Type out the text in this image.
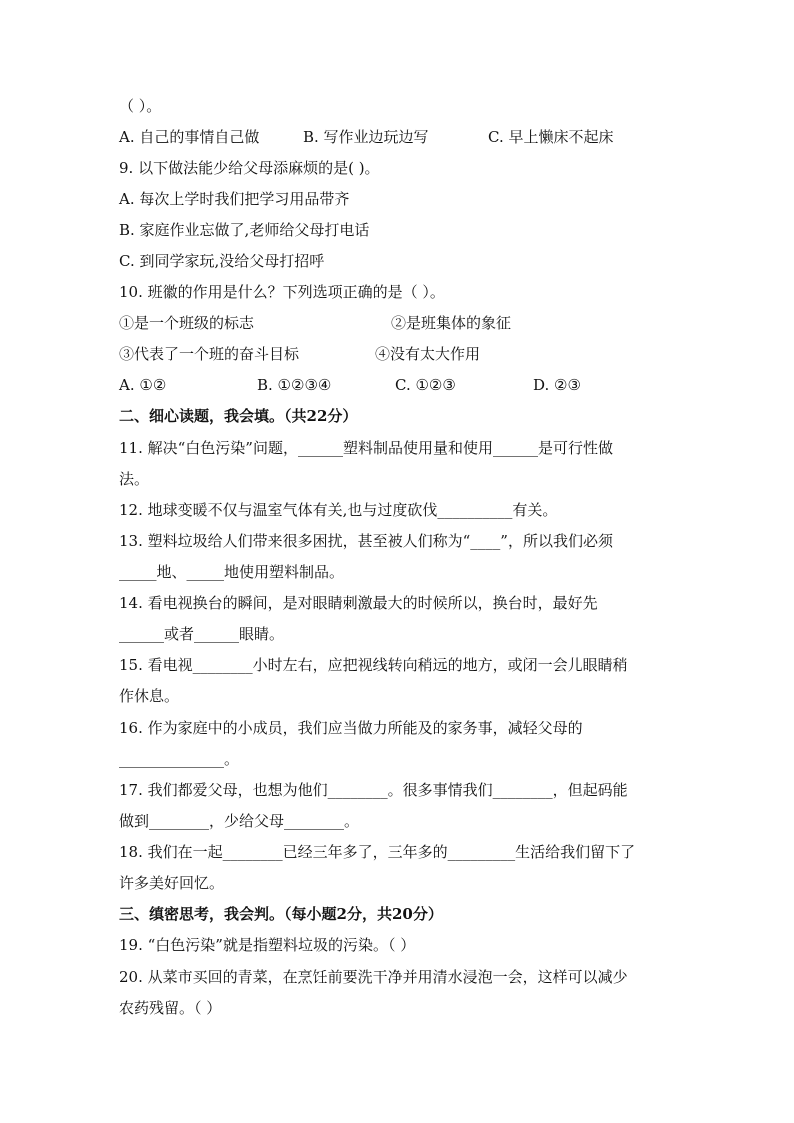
（ ）。
A. 自己的事情自己做	B. 写作业边玩边写	C. 早上懒床不起床
9. 以下做法能少给父母添麻烦的是( )。
A. 每次上学时我们把学习用品带齐
B. 家庭作业忘做了,老师给父母打电话
C. 到同学家玩,没给父母打招呼
10. 班徽的作用是什么？下列选项正确的是（ ）。
①是一个班级的标志	②是班集体的象征
③代表了一个班的奋斗目标	④没有太大作用
A. ①②	B. ①②③④	C. ①②③	D. ②③
二、细心读题，我会填。（共22分）
11. 解决“白色污染”问题，______塑料制品使用量和使用______是可行性做
法。
12. 地球变暖不仅与温室气体有关,也与过度砍伐__________有关。
13. 塑料垃圾给人们带来很多困扰，甚至被人们称为“____”，所以我们必须
_____地、_____地使用塑料制品。
14. 看电视换台的瞬间，是对眼睛刺激最大的时候所以，换台时，最好先
______或者______眼睛。
15. 看电视________小时左右，应把视线转向稍远的地方，或闭一会儿眼睛稍
作休息。
16. 作为家庭中的小成员，我们应当做力所能及的家务事，减轻父母的
______________。
17. 我们都爱父母，也想为他们________。很多事情我们________，但起码能
做到________，少给父母________。
18. 我们在一起________已经三年多了，三年多的_________生活给我们留下了
许多美好回忆。
三、缜密思考，我会判。（每小题2分，共20分）
19. “白色污染”就是指塑料垃圾的污染。（ ）
20. 从菜市买回的青菜，在烹饪前要洗干净并用清水浸泡一会，这样可以减少
农药残留。（ ）
